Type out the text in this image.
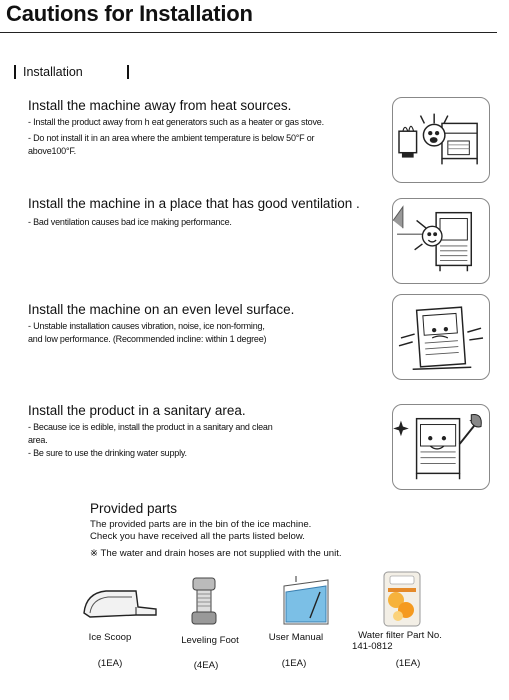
Cautions for Installation
Installation
Install the machine away from heat sources.
- Install the product away from h eat generators such as a heater or gas stove.
- Do not install it in an area where the ambient temperature is below 50°F or
above100°F.
Install the machine in a place that has good ventilation .
- Bad ventilation causes bad ice making performance.
Install the machine on an even level surface.
- Unstable installation causes vibration, noise, ice non-forming,
and low performance. (Recommended incline: within 1 degree)
Install the product in a sanitary area.
- Because ice is edible, install the product in a sanitary and clean
area.
- Be sure to use the drinking water supply.
Provided parts
The provided parts are in the bin of the ice machine.
Check you have received all the parts listed below.
※ The water and drain hoses are not supplied with the unit.
Ice Scoop
(1EA)
Leveling Foot
(4EA)
User Manual
(1EA)
Water filter Part No.
141-0812
(1EA)
